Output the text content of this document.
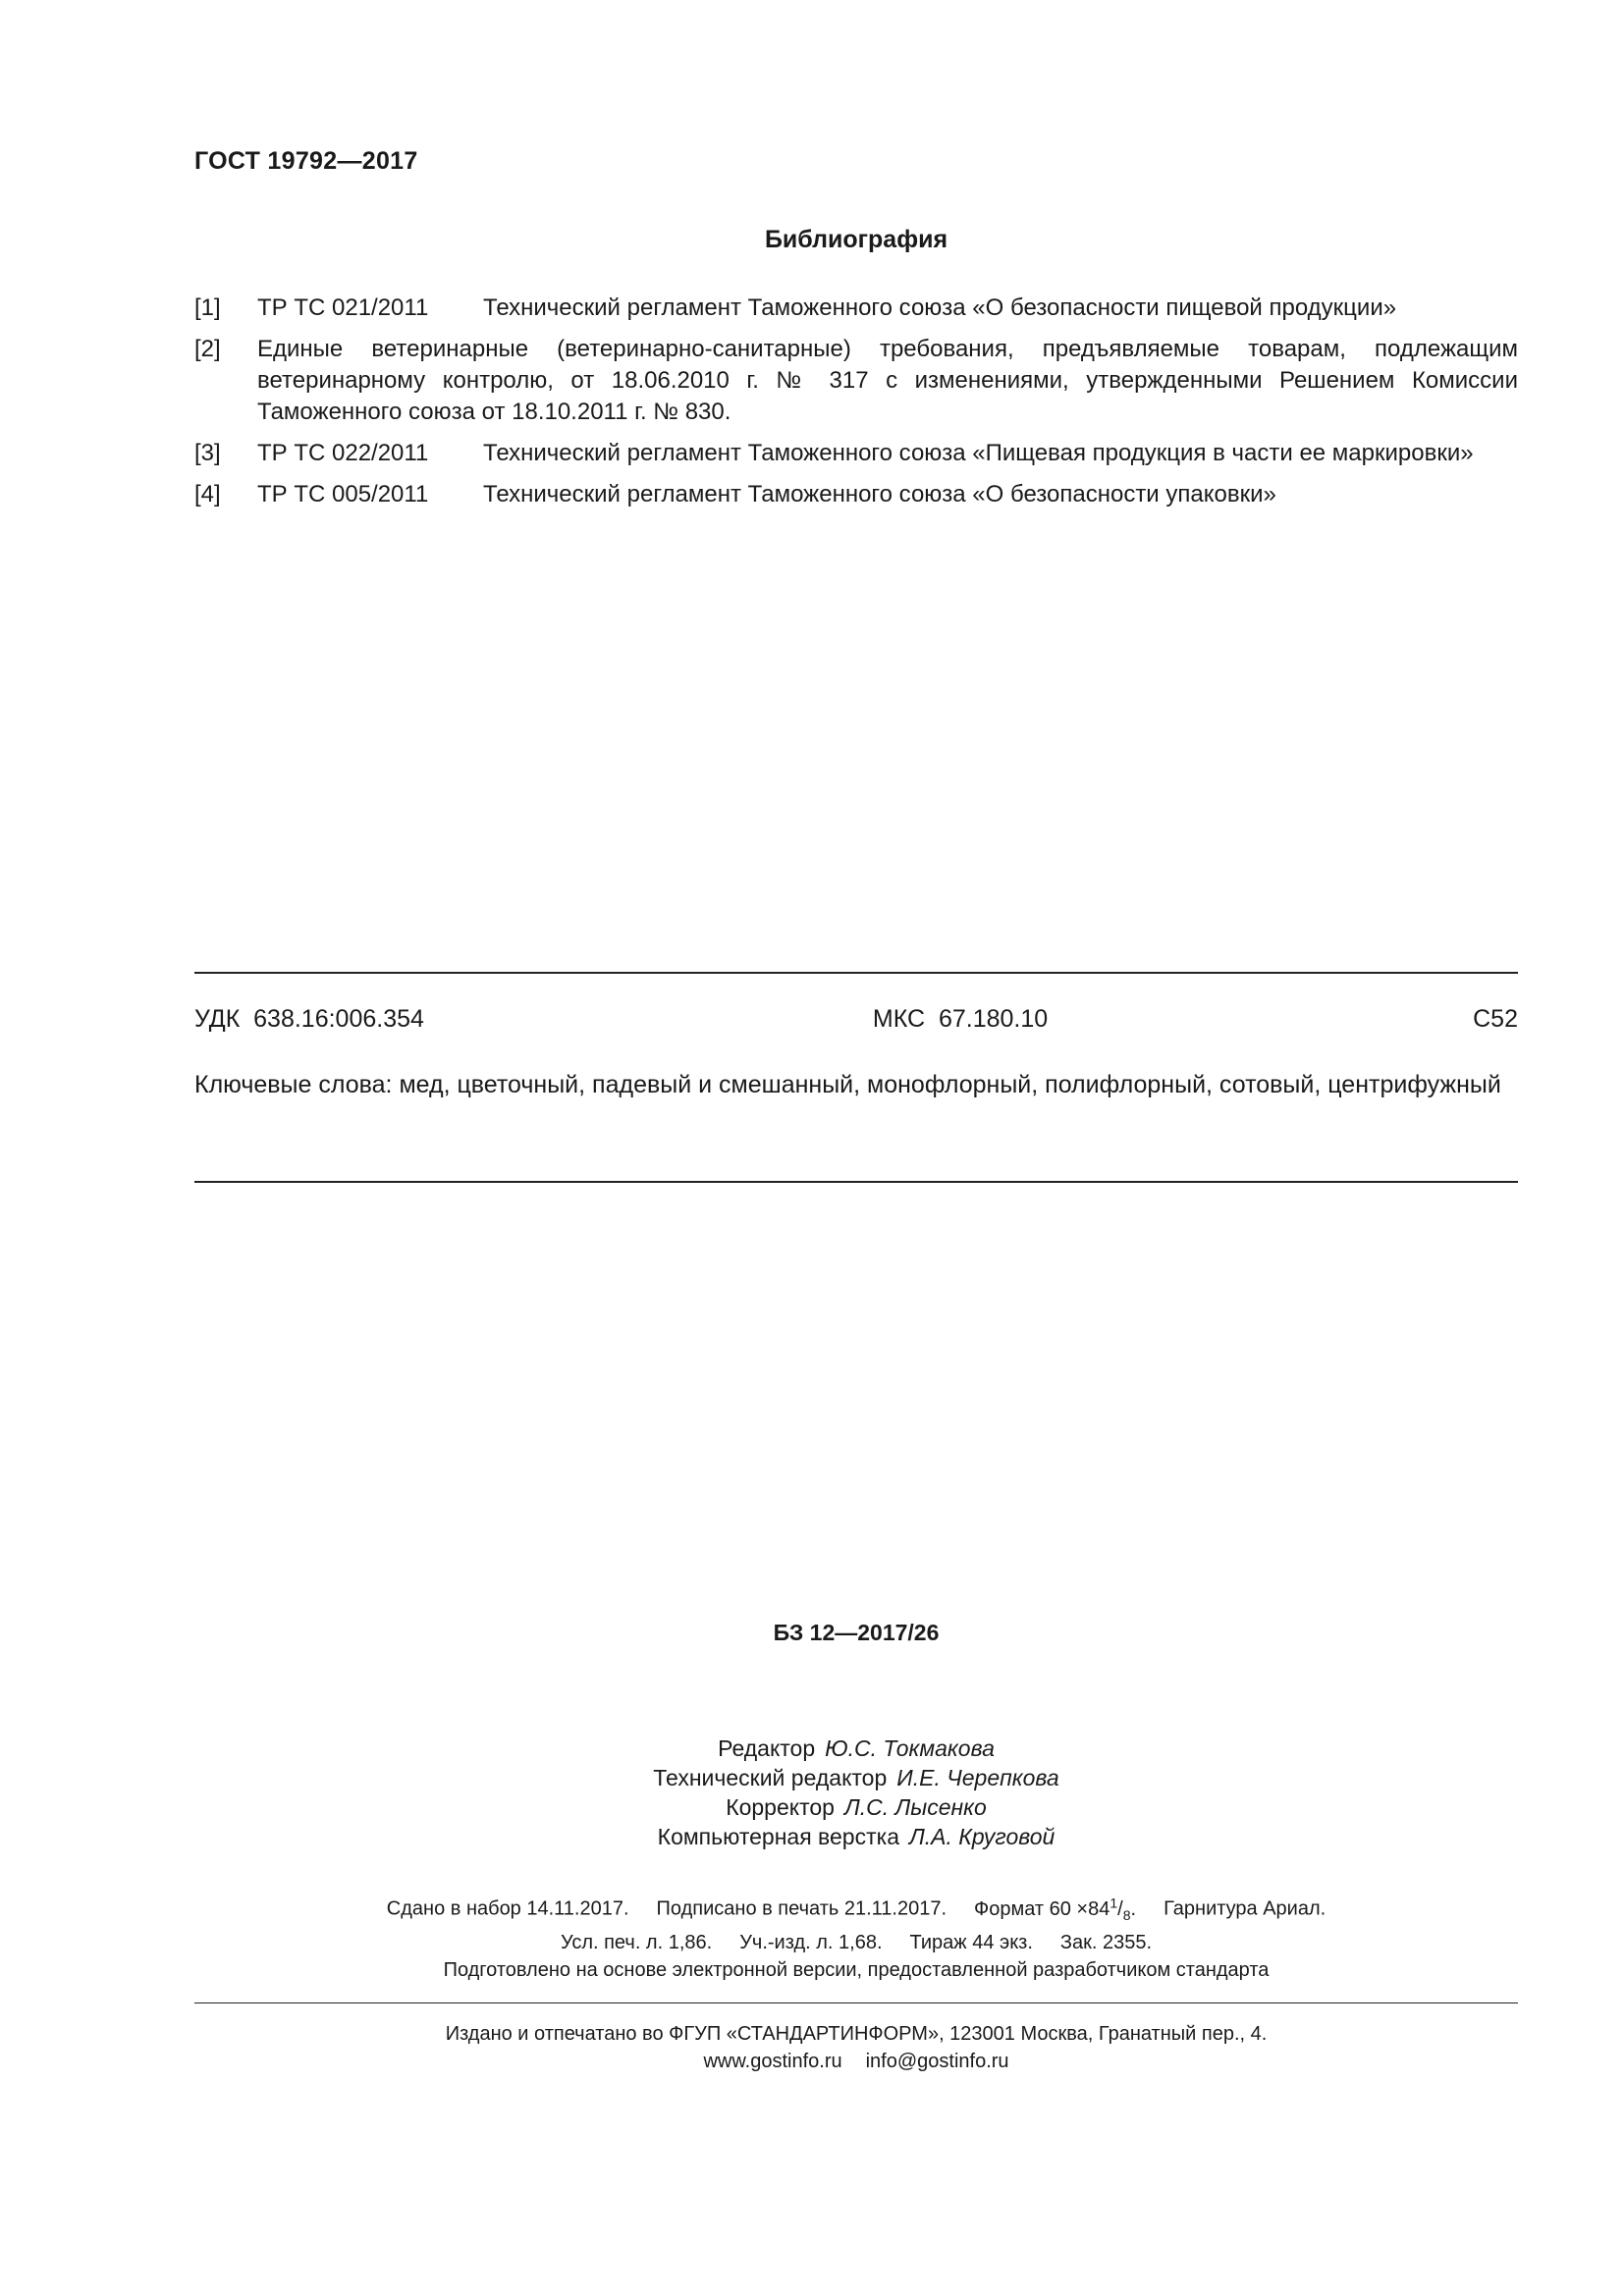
ГОСТ 19792—2017
Библиография
[1] ТР ТС 021/2011 Технический регламент Таможенного союза «О безопасности пищевой продукции»
[2] Единые ветеринарные (ветеринарно-санитарные) требования, предъявляемые товарам, подлежащим ветеринарному контролю, от 18.06.2010 г. № 317 с изменениями, утвержденными Решением Комиссии Таможенного союза от 18.10.2011 г. № 830.
[3] ТР ТС 022/2011 Технический регламент Таможенного союза «Пищевая продукция в части ее маркировки»
[4] ТР ТС 005/2011 Технический регламент Таможенного союза «О безопасности упаковки»
УДК  638.16:006.354	МКС  67.180.10	С52
Ключевые слова: мед, цветочный, падевый и смешанный, монофлорный, полифлорный, сотовый, центрифужный
БЗ 12—2017/26
Редактор Ю.С. Токмакова
Технический редактор И.Е. Черепкова
Корректор Л.С. Лысенко
Компьютерная верстка Л.А. Круговой
Сдано в набор 14.11.2017. Подписано в печать 21.11.2017. Формат $60 \times 84^1/_8$. Гарнитура Ариал.
Усл. печ. л. 1,86. Уч.-изд. л. 1,68. Тираж 44 экз. Зак. 2355.
Подготовлено на основе электронной версии, предоставленной разработчиком стандарта
Издано и отпечатано во ФГУП «СТАНДАРТИНФОРМ», 123001 Москва, Гранатный пер., 4.
www.gostinfo.ru info@gostinfo.ru
